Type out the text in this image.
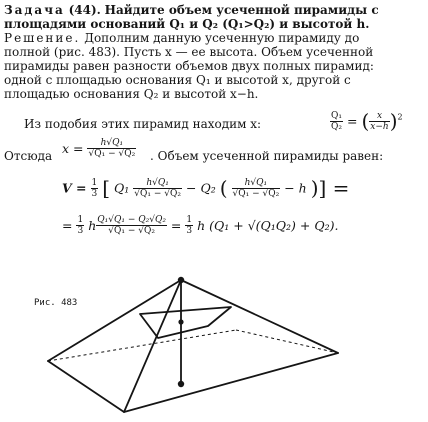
Задача (44). Найдите объем усеченной пирамиды с
площадями оснований Q₁ и Q₂ (Q₁>Q₂) и высотой h.
Решение. Дополним данную усеченную пирамиду до
полной (рис. 483). Пусть x — ее высота. Объем усеченной
пирамиды равен разности объемов двух полных пирамид:
одной с площадью основания Q₁ и высотой x, другой с
площадью основания Q₂ и высотой x−h.
Из подобия этих пирамид находим x:	$\frac{\text{Q₁}}{\text{Q₂}}$ = ( $\frac{x}{x-h} )^2$
Отсюда $x = \frac{\text{h√Q₁}}{\text{√Q₁ − √Q₂}}$ . Объем усеченной пирамиды равен:
$V = \frac{1}{3}$ [ $Q_1 \frac{\text{h√Q₁}}{\text{√Q₁ − √Q₂}} - Q_2$ ( $\frac{\text{h√Q₁}}{\text{√Q₁ − √Q₂}} - h$ )] =
= $\frac{1}{3}$ h $\frac{\text{Q₁√Q₁ − Q₂√Q₂}}{\text{√Q₁ − √Q₂}} = \frac{1}{3}$ h (Q₁ + √(Q₁Q₂) + Q₂).
Рис. 483
